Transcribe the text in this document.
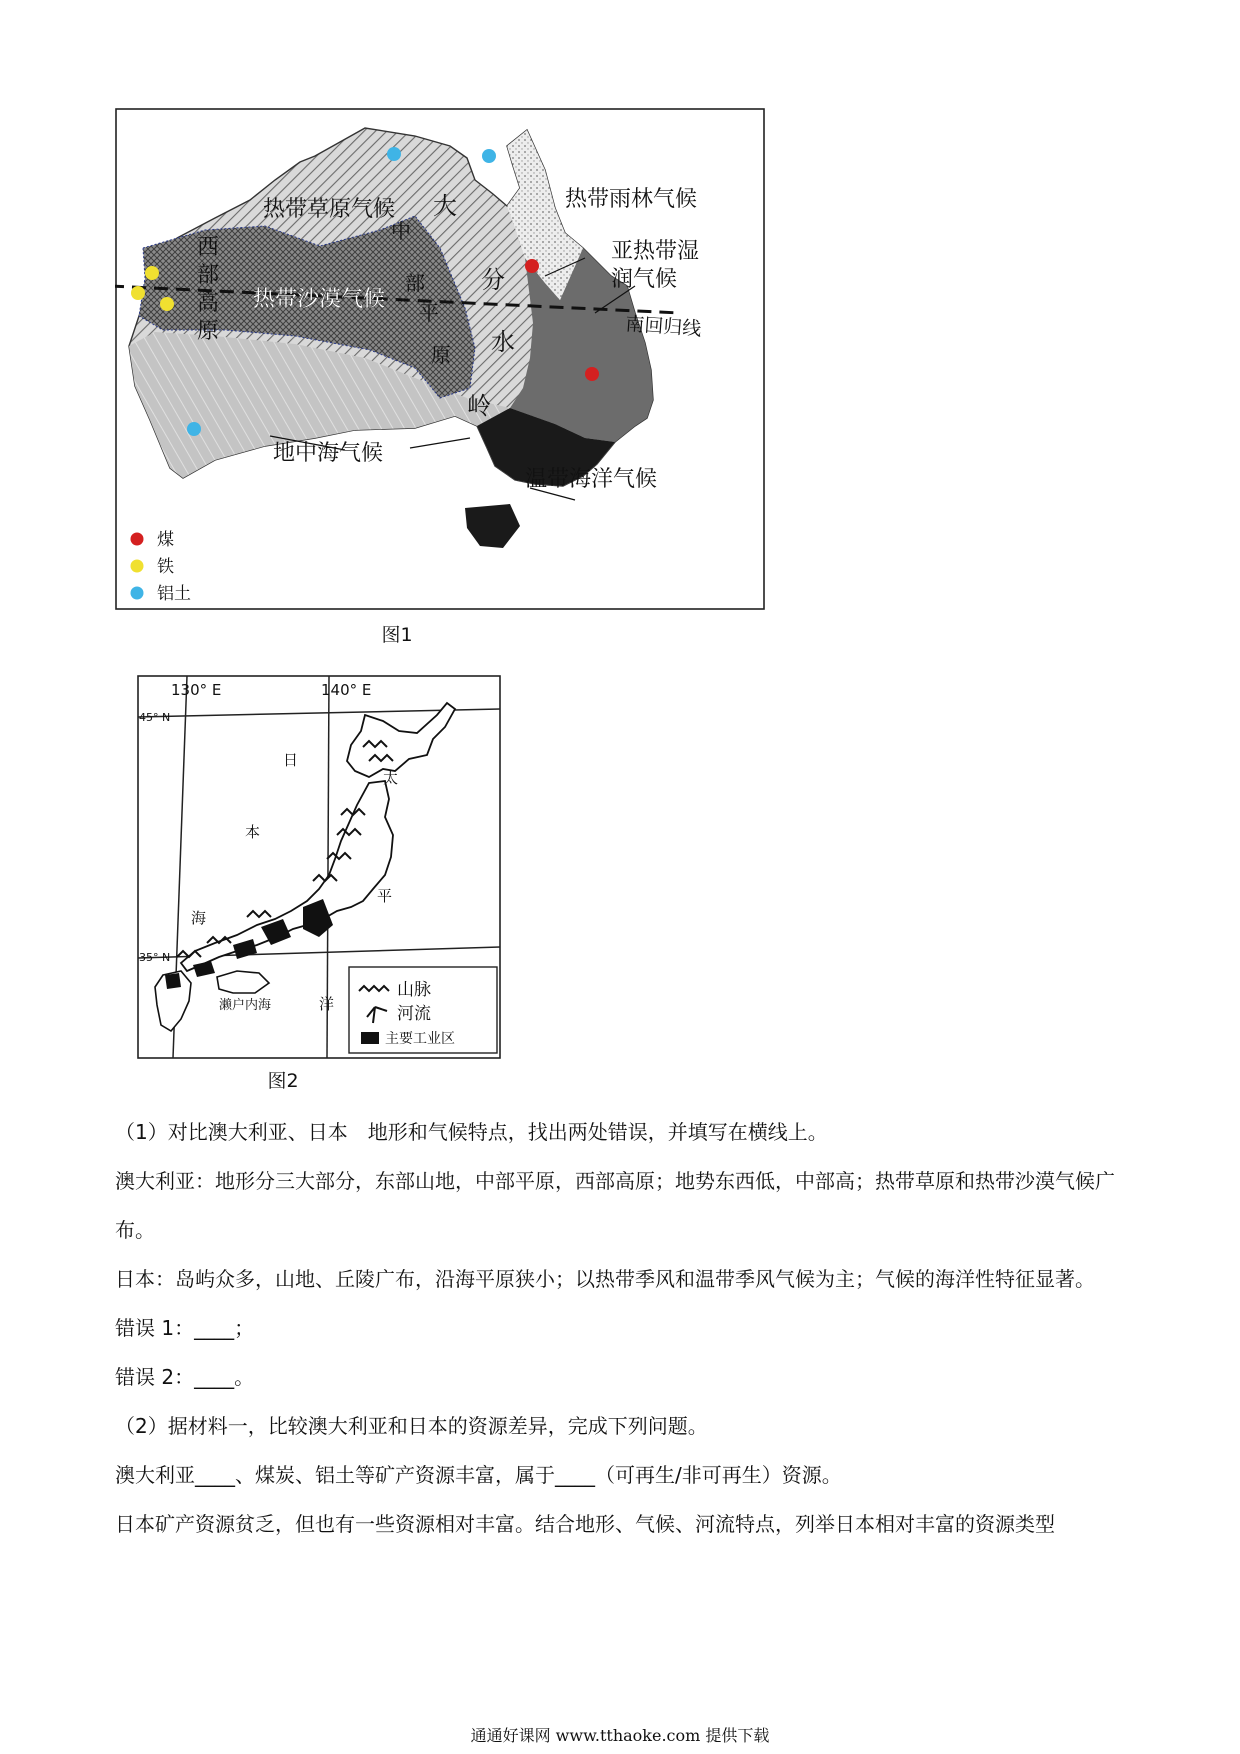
热带草原气候	热带雨林气候
亚热带湿
润气候
南回归线
热带沙漠气候
地中海气候
温带海洋气候
西
部
高
原
中
部
平
原
大
分
水
岭
煤
铁
铝土
图1
130° E	140° E
45° N
35° N
日
本
海
太
平
洋
濑户内海
山脉
河流
主要工业区
图2

（1）对比澳大利亚、日本　地形和气候特点，找出两处错误，并填写在横线上。

澳大利亚：地形分三大部分，东部山地，中部平原，西部高原；地势东西低，中部高；热带草原和热带沙漠气候广布。

日本：岛屿众多，山地、丘陵广布，沿海平原狭小；以热带季风和温带季风气候为主；气候的海洋性特征显著。

错误 1：____；

错误 2：____。

（2）据材料一，比较澳大利亚和日本的资源差异，完成下列问题。

澳大利亚____、煤炭、铝土等矿产资源丰富，属于____（可再生/非可再生）资源。

日本矿产资源贫乏，但也有一些资源相对丰富。结合地形、气候、河流特点，列举日本相对丰富的资源类型

通通好课网 www.tthaoke.com 提供下载
